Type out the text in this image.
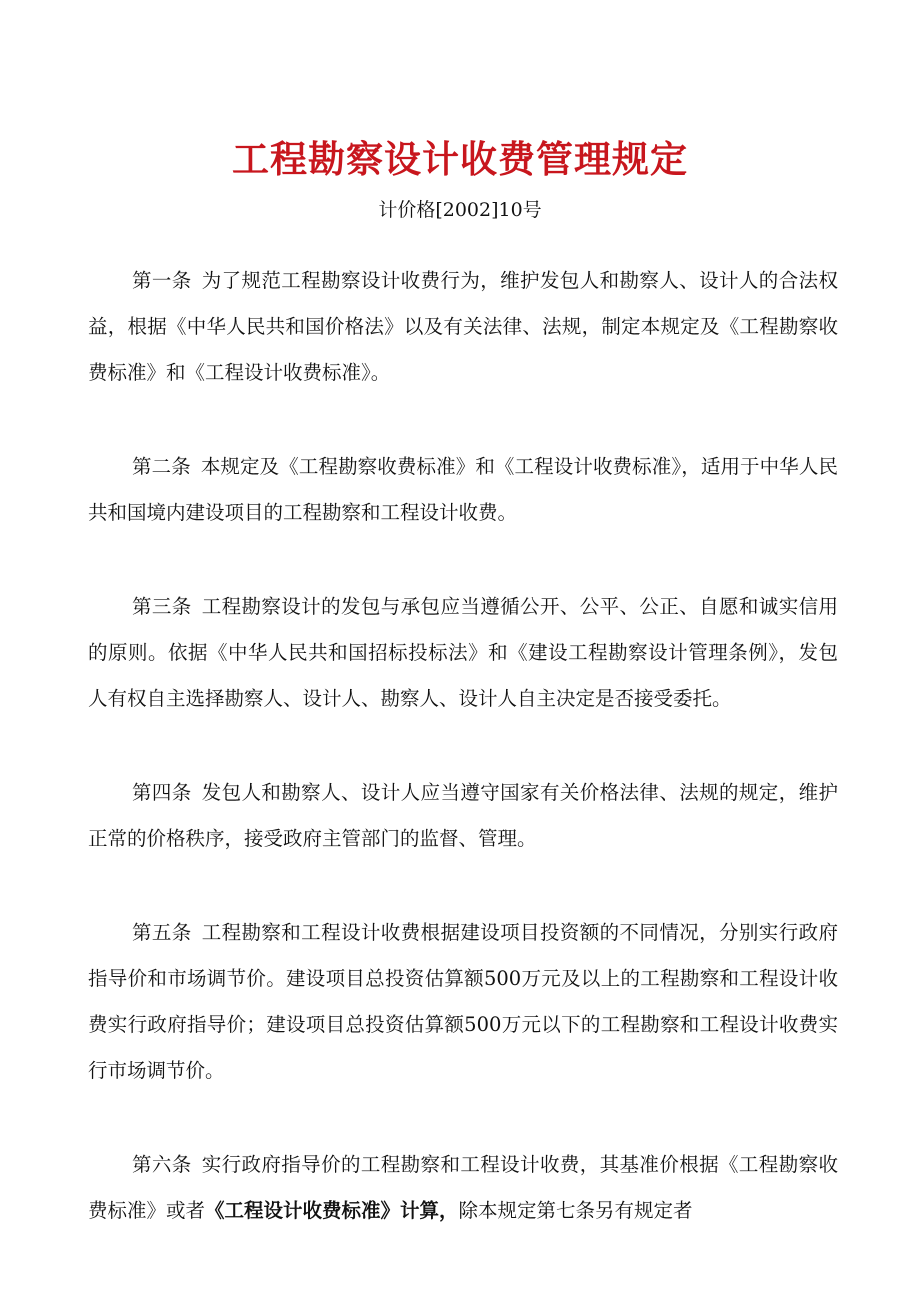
工程勘察设计收费管理规定
计价格[2002]10号

第一条 为了规范工程勘察设计收费行为，维护发包人和勘察人、设计人的合法权益，根据《中华人民共和国价格法》以及有关法律、法规，制定本规定及《工程勘察收费标准》和《工程设计收费标准》。

第二条 本规定及《工程勘察收费标准》和《工程设计收费标准》，适用于中华人民共和国境内建设项目的工程勘察和工程设计收费。

第三条 工程勘察设计的发包与承包应当遵循公开、公平、公正、自愿和诚实信用的原则。依据《中华人民共和国招标投标法》和《建设工程勘察设计管理条例》，发包人有权自主选择勘察人、设计人、勘察人、设计人自主决定是否接受委托。

第四条 发包人和勘察人、设计人应当遵守国家有关价格法律、法规的规定，维护正常的价格秩序，接受政府主管部门的监督、管理。

第五条 工程勘察和工程设计收费根据建设项目投资额的不同情况，分别实行政府指导价和市场调节价。建设项目总投资估算额500万元及以上的工程勘察和工程设计收费实行政府指导价；建设项目总投资估算额500万元以下的工程勘察和工程设计收费实行市场调节价。

第六条 实行政府指导价的工程勘察和工程设计收费，其基准价根据《工程勘察收费标准》或者《工程设计收费标准》计算，除本规定第七条另有规定者
